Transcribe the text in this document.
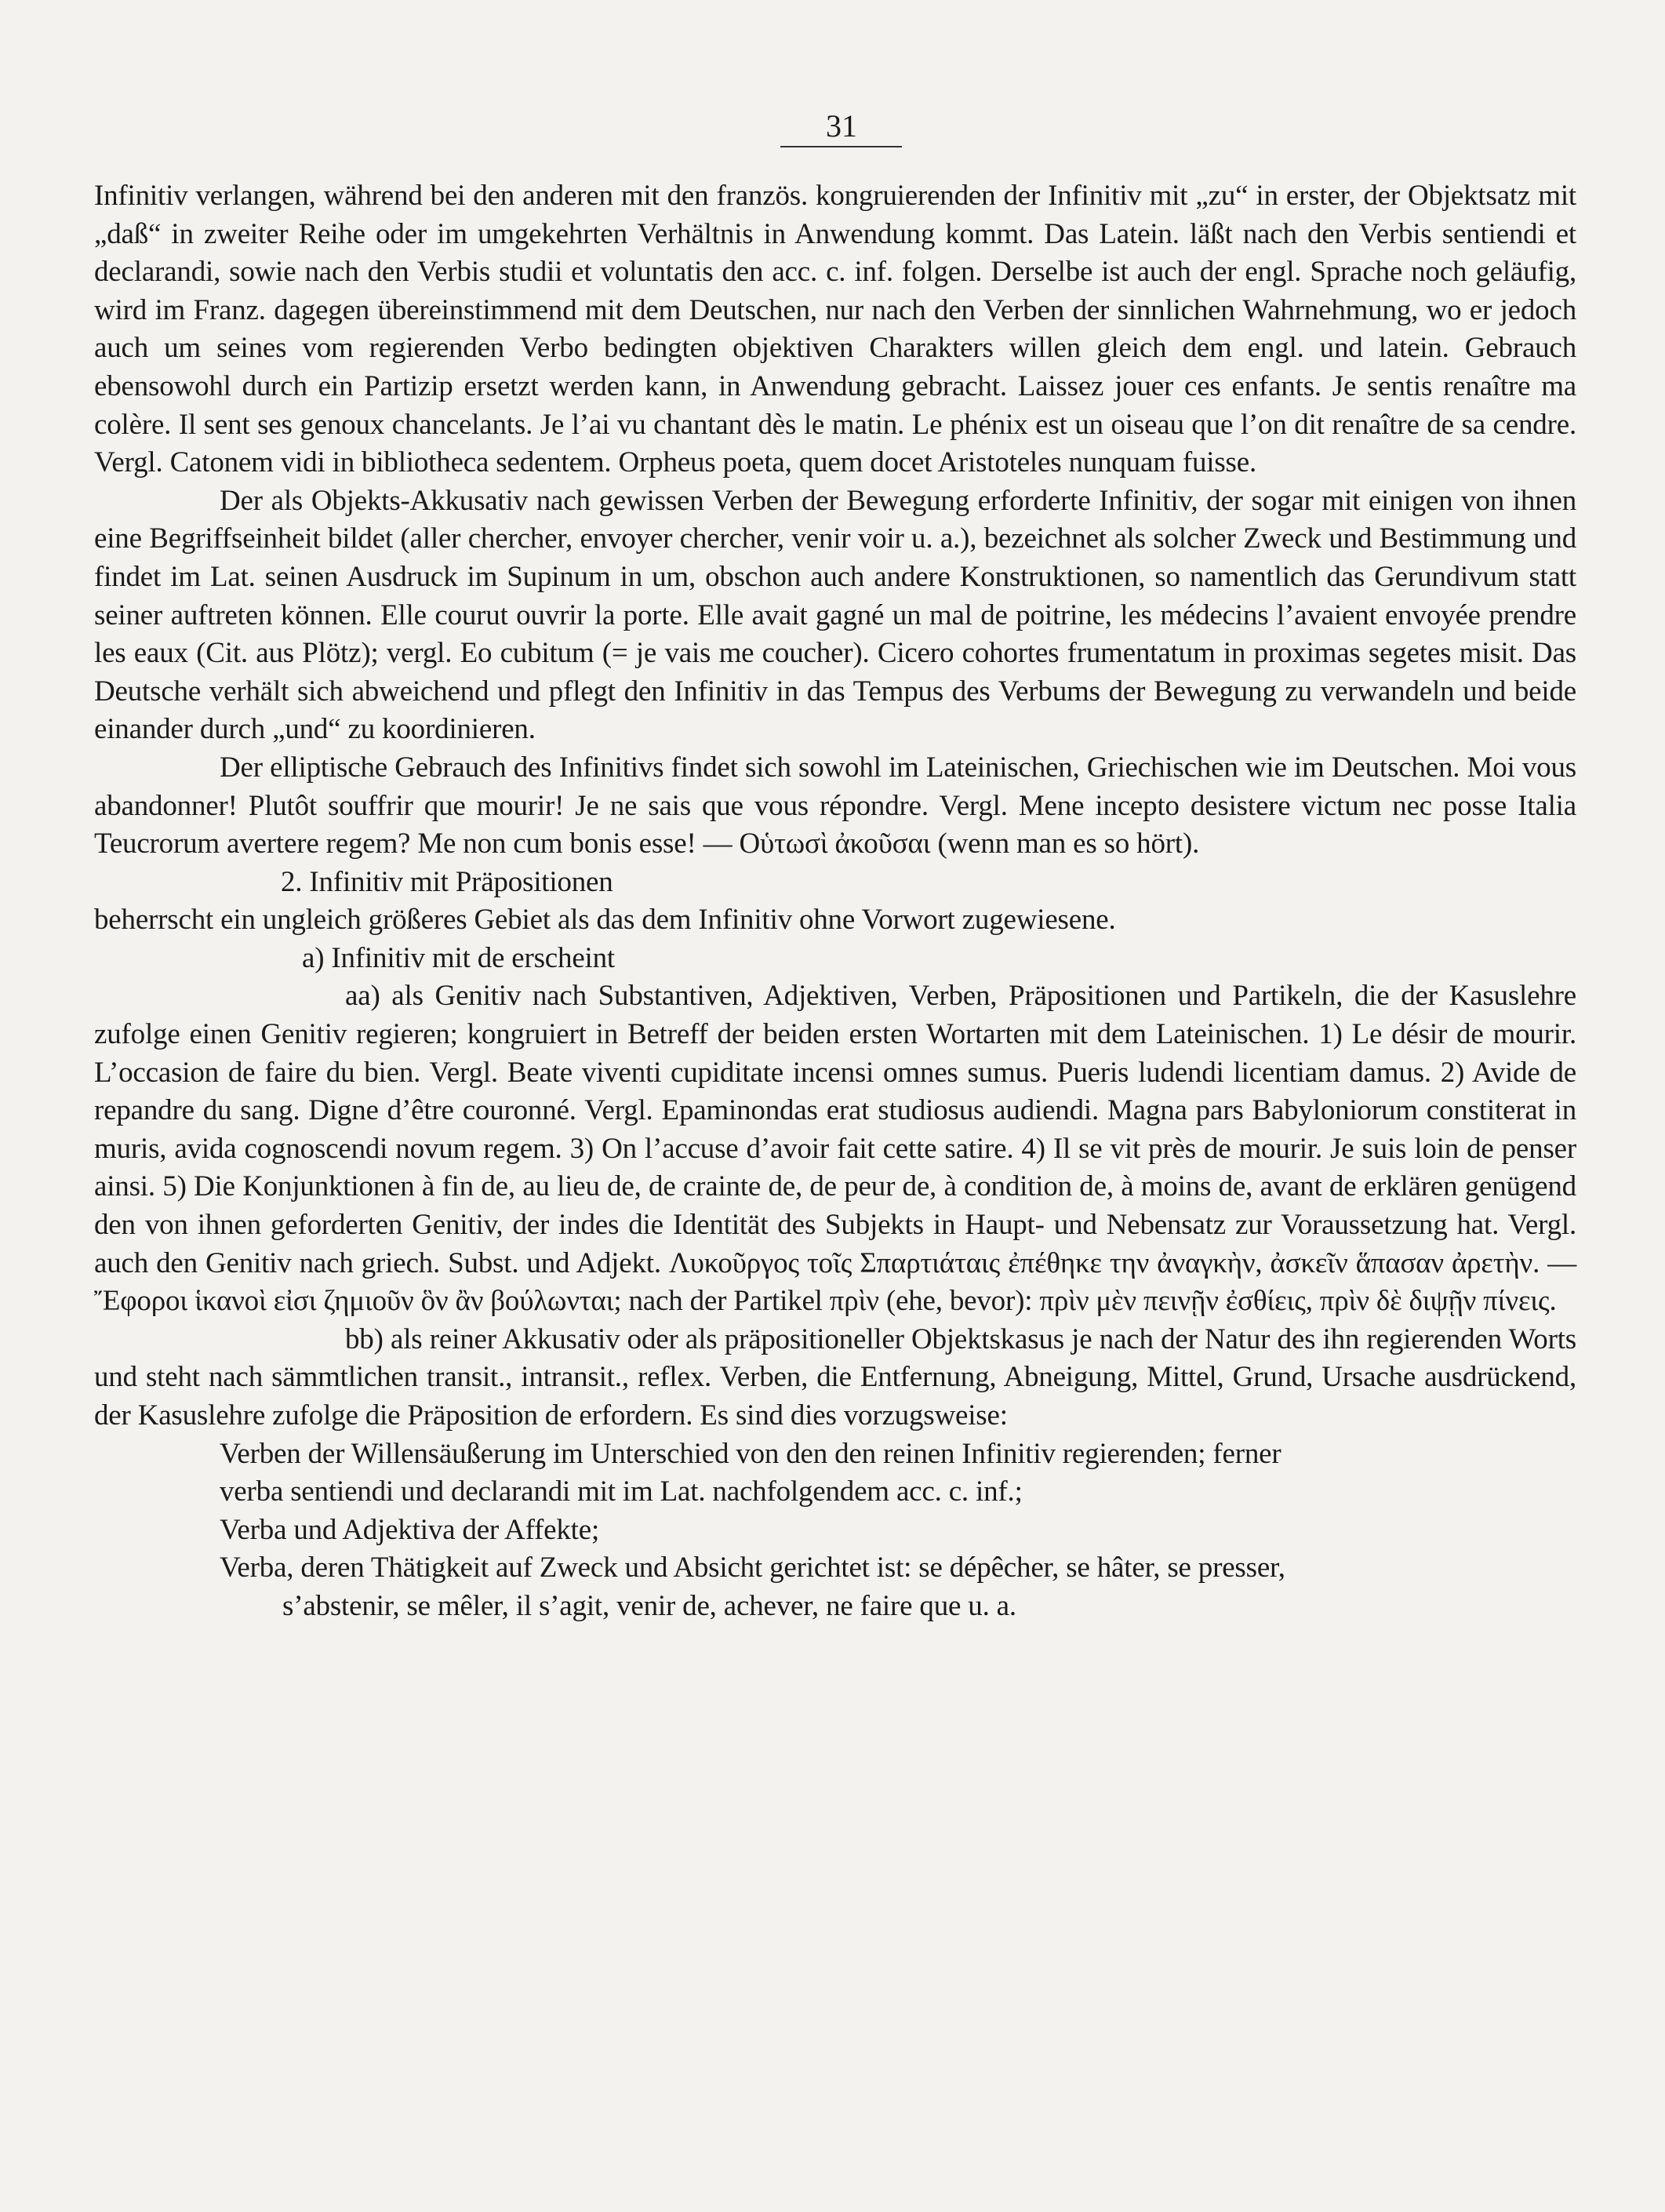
31

Infinitiv verlangen, während bei den anderen mit den französ. kongruierenden der Infinitiv mit „zu“ in erster, der Objektsatz mit „daß“ in zweiter Reihe oder im umgekehrten Verhältnis in Anwendung kommt. Das Latein. läßt nach den Verbis sentiendi et declarandi, sowie nach den Verbis studii et voluntatis den acc. c. inf. folgen. Derselbe ist auch der engl. Sprache noch geläufig, wird im Franz. dagegen übereinstimmend mit dem Deutschen, nur nach den Verben der sinnlichen Wahrnehmung, wo er jedoch auch um seines vom regierenden Verbo bedingten objektiven Charakters willen gleich dem engl. und latein. Gebrauch ebensowohl durch ein Partizip ersetzt werden kann, in Anwendung gebracht. Laissez jouer ces enfants. Je sentis renaître ma colère. Il sent ses genoux chancelants. Je l’ai vu chantant dès le matin. Le phénix est un oiseau que l’on dit renaître de sa cendre. Vergl. Catonem vidi in bibliotheca sedentem. Orpheus poeta, quem docet Aristoteles nunquam fuisse.

Der als Objekts-Akkusativ nach gewissen Verben der Bewegung erforderte Infinitiv, der sogar mit einigen von ihnen eine Begriffseinheit bildet (aller chercher, envoyer chercher, venir voir u. a.), bezeichnet als solcher Zweck und Bestimmung und findet im Lat. seinen Ausdruck im Supinum in um, obschon auch andere Konstruktionen, so namentlich das Gerundivum statt seiner auftreten können. Elle courut ouvrir la porte. Elle avait gagné un mal de poitrine, les médecins l’avaient envoyée prendre les eaux (Cit. aus Plötz); vergl. Eo cubitum (= je vais me coucher). Cicero cohortes frumentatum in proximas segetes misit. Das Deutsche verhält sich abweichend und pflegt den Infinitiv in das Tempus des Verbums der Bewegung zu verwandeln und beide einander durch „und“ zu koordinieren.

Der elliptische Gebrauch des Infinitivs findet sich sowohl im Lateinischen, Griechischen wie im Deutschen. Moi vous abandonner! Plutôt souffrir que mourir! Je ne sais que vous répondre. Vergl. Mene incepto desistere victum nec posse Italia Teucrorum avertere regem? Me non cum bonis esse! — Οὑτωσὶ ἀκοῦσαι (wenn man es so hört).

2. Infinitiv mit Präpositionen

beherrscht ein ungleich größeres Gebiet als das dem Infinitiv ohne Vorwort zugewiesene.

a) Infinitiv mit de erscheint

aa) als Genitiv nach Substantiven, Adjektiven, Verben, Präpositionen und Partikeln, die der Kasuslehre zufolge einen Genitiv regieren; kongruiert in Betreff der beiden ersten Wortarten mit dem Lateinischen. 1) Le désir de mourir. L’occasion de faire du bien. Vergl. Beate viventi cupiditate incensi omnes sumus. Pueris ludendi licentiam damus. 2) Avide de repandre du sang. Digne d’être couronné. Vergl. Epaminondas erat studiosus audiendi. Magna pars Babyloniorum constiterat in muris, avida cognoscendi novum regem. 3) On l’accuse d’avoir fait cette satire. 4) Il se vit près de mourir. Je suis loin de penser ainsi. 5) Die Konjunktionen à fin de, au lieu de, de crainte de, de peur de, à condition de, à moins de, avant de erklären genügend den von ihnen geforderten Genitiv, der indes die Identität des Subjekts in Haupt- und Nebensatz zur Voraussetzung hat. Vergl. auch den Genitiv nach griech. Subst. und Adjekt. Λυκοῦργος τοῖς Σπαρτιάταις ἐπέθηκε την ἀναγκὴν, ἀσκεῖν ἅπασαν ἀρετὴν. —Ἔφοροι ἱκανοὶ εἰσι ζημιοῦν ὃν ἂν βούλωνται; nach der Partikel πρὶν (ehe, bevor): πρὶν μὲν πεινῇν ἐσθίεις, πρὶν δὲ διψῇν πίνεις.

bb) als reiner Akkusativ oder als präpositioneller Objektskasus je nach der Natur des ihn regierenden Worts und steht nach sämmtlichen transit., intransit., reflex. Verben, die Entfernung, Abneigung, Mittel, Grund, Ursache ausdrückend, der Kasuslehre zufolge die Präposition de erfordern. Es sind dies vorzugsweise:

Verben der Willensäußerung im Unterschied von den den reinen Infinitiv regierenden; ferner
verba sentiendi und declarandi mit im Lat. nachfolgendem acc. c. inf.;

Verba und Adjektiva der Affekte;

Verba, deren Thätigkeit auf Zweck und Absicht gerichtet ist: se dépêcher, se hâter, se presser,
s’abstenir, se mêler, il s’agit, venir de, achever, ne faire que u. a.
